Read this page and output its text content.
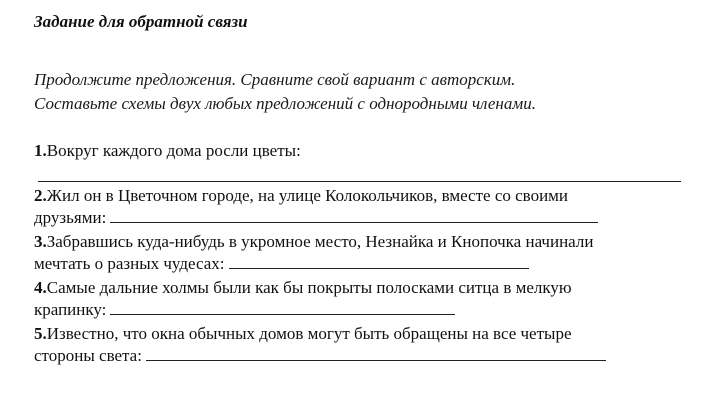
Задание для обратной связи
Продолжите предложения. Сравните свой вариант с авторским.
Составьте схемы двух любых предложений с однородными членами.
1.Вокруг каждого дома росли цветы:
2.Жил он в Цветочном городе, на улице Колокольчиков, вместе со своими
друзьями:
3.Забравшись куда-нибудь в укромное место, Незнайка и Кнопочка начинали
мечтать о разных чудесах:
4.Самые дальние холмы были как бы покрыты полосками ситца в мелкую
крапинку:
5.Известно, что окна обычных домов могут быть обращены на все четыре
стороны света:
